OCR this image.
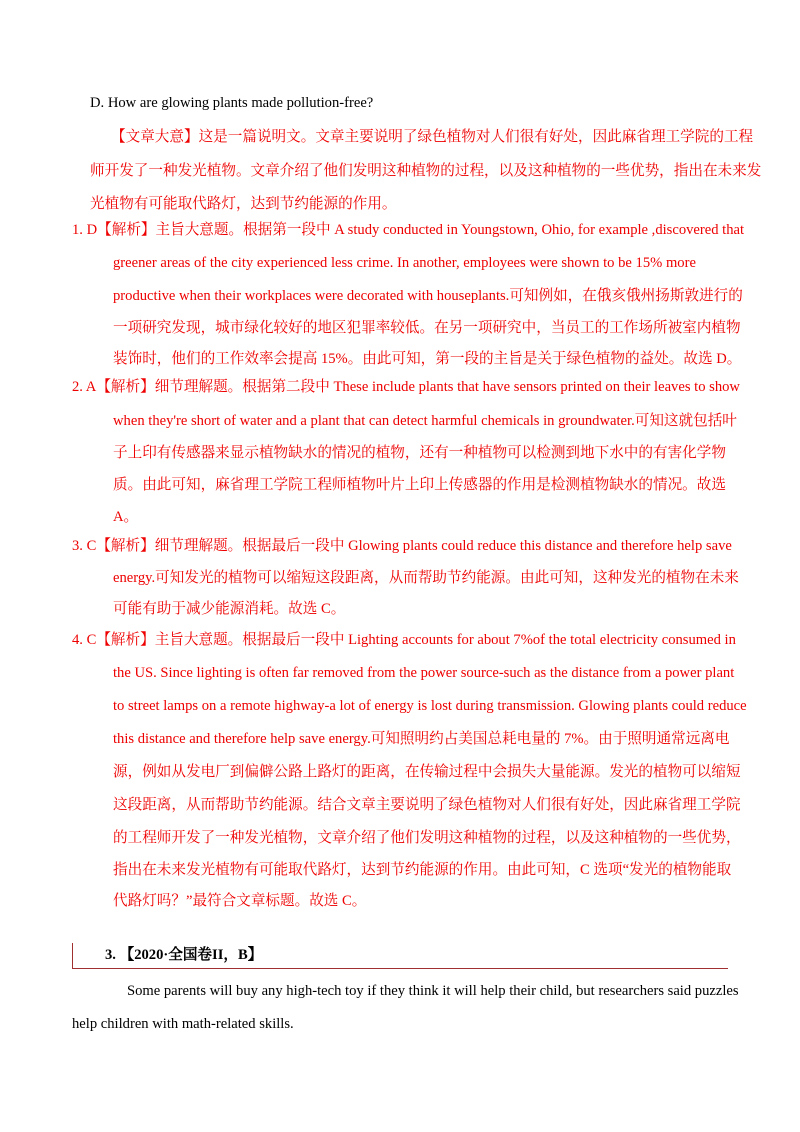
D. How are glowing plants made pollution-free?
【文章大意】这是一篇说明文。文章主要说明了绿色植物对人们很有好处，因此麻省理工学院的工程
师开发了一种发光植物。文章介绍了他们发明这种植物的过程，以及这种植物的一些优势，指出在未来发
光植物有可能取代路灯，达到节约能源的作用。
1. D【解析】主旨大意题。根据第一段中 A study conducted in Youngstown, Ohio, for example ,discovered that
greener areas of the city experienced less crime. In another, employees were shown to be 15% more
productive when their workplaces were decorated with houseplants.可知例如，在俄亥俄州扬斯敦进行的
一项研究发现，城市绿化较好的地区犯罪率较低。在另一项研究中，当员工的工作场所被室内植物
装饰时，他们的工作效率会提高 15%。由此可知，第一段的主旨是关于绿色植物的益处。故选 D。
2. A【解析】细节理解题。根据第二段中 These include plants that have sensors printed on their leaves to show
when they're short of water and a plant that can detect harmful chemicals in groundwater.可知这就包括叶
子上印有传感器来显示植物缺水的情况的植物，还有一种植物可以检测到地下水中的有害化学物
质。由此可知，麻省理工学院工程师植物叶片上印上传感器的作用是检测植物缺水的情况。故选
A。
3. C【解析】细节理解题。根据最后一段中 Glowing plants could reduce this distance and therefore help save
energy.可知发光的植物可以缩短这段距离，从而帮助节约能源。由此可知，这种发光的植物在未来
可能有助于减少能源消耗。故选 C。
4. C【解析】主旨大意题。根据最后一段中 Lighting accounts for about 7%of the total electricity consumed in
the US. Since lighting is often far removed from the power source-such as the distance from a power plant
to street lamps on a remote highway-a lot of energy is lost during transmission. Glowing plants could reduce
this distance and therefore help save energy.可知照明约占美国总耗电量的 7%。由于照明通常远离电
源，例如从发电厂到偏僻公路上路灯的距离，在传输过程中会损失大量能源。发光的植物可以缩短
这段距离，从而帮助节约能源。结合文章主要说明了绿色植物对人们很有好处，因此麻省理工学院
的工程师开发了一种发光植物，文章介绍了他们发明这种植物的过程，以及这种植物的一些优势，
指出在未来发光植物有可能取代路灯，达到节约能源的作用。由此可知，C 选项“发光的植物能取
代路灯吗？”最符合文章标题。故选 C。
3. 【2020·全国卷II，B】
Some parents will buy any high-tech toy if they think it will help their child, but researchers said puzzles
help children with math-related skills.
